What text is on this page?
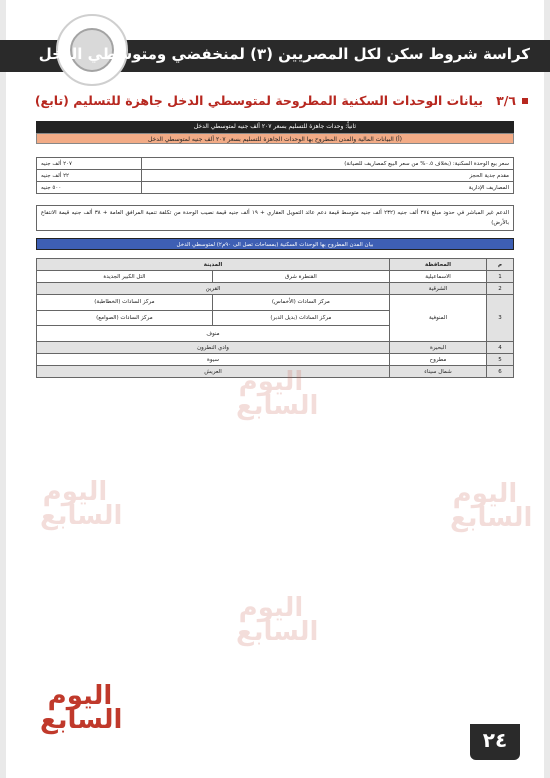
كراسة شروط سكن لكل المصريين (٣) لمنخفضي ومتوسطي الدخل
٣/٦   بيانات الوحدات السكنية المطروحة لمتوسطي الدخل جاهزة للتسليم (تابع)
ثانياً: وحدات جاهزة للتسليم بسعر ٢٠٧ ألف جنيه لمتوسطي الدخل
(أ) البيانات المالية والمدن المطروح بها الوحدات الجاهزة للتسليم بسعر ٢٠٧ ألف جنيه لمتوسطي الدخل
سعر بيع الوحدة السكنية: (بخلاف ٠.٥% من سعر البيع كمصاريف للصيانة)	٢٠٧ ألف جنيه
مقدم جدية الحجز	٢٢ ألف جنيه
المصاريف الإدارية	٥٠٠ جنيه
الدعم غير المباشر في حدود مبلغ ٣٧٤ ألف جنيه (٢٣٢ ألف جنيه متوسط قيمة دعم عائد التمويل العقاري + ١٩ ألف جنيه قيمة نصيب الوحدة من تكلفة تنمية المرافق العامة + ٣٨ ألف جنيه قيمة الانتفاع بالأرض)
بيان المدن المطروح بها الوحدات السكنية (بمساحات تصل الى ٩٠م٢) لمتوسطي الدخل
م	المحافظة	المدينة	
1	الاسماعيلية	القنطرة شرق	التل الكبير الجديدة
2	الشرقية	القرين	
3	المنوفية	مركز السادات (الأخماس)	مركز السادات (الخطاطبة)
		مركز السادات (بديل الدبر)	مركز السادات (الصوامع)
		منوف	
4	البحيرة	وادي النطرون	
5	مطروح	سيوة	
6	شمال سيناء	العريش	اليوم السابع
اليوم السابع
اليوم السابع
اليوم السابع
اليوم السابع
٢٤
